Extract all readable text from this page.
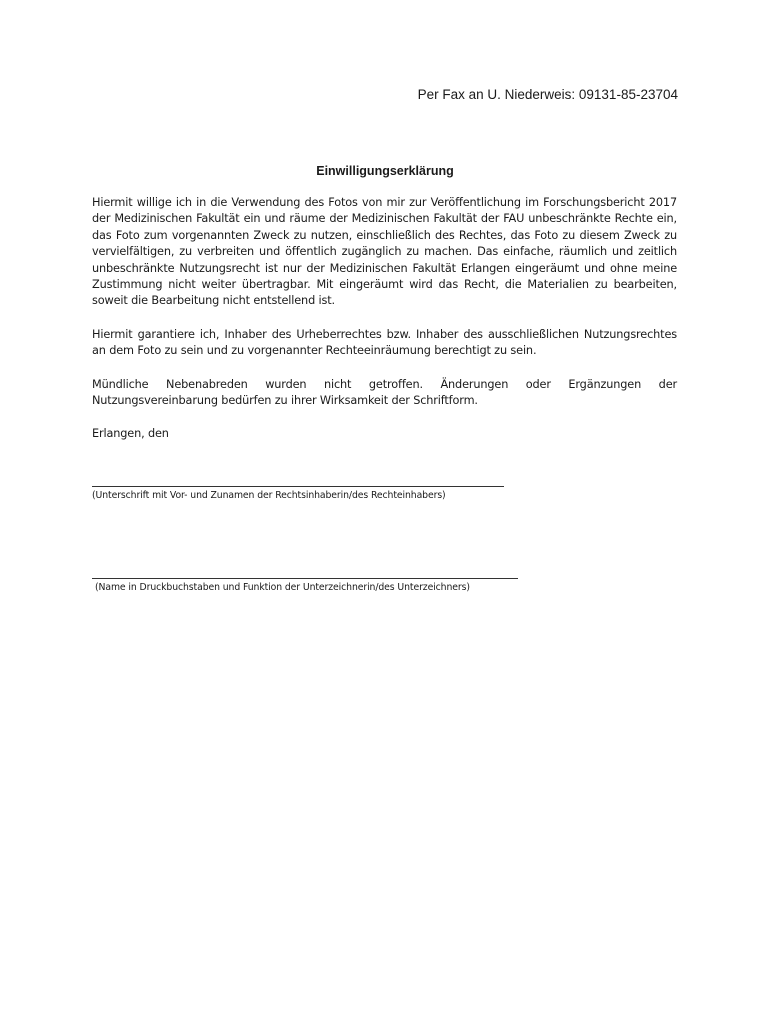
Per Fax an U. Niederweis: 09131-85-23704
Einwilligungserklärung
Hiermit willige ich in die Verwendung des Fotos von mir zur Veröffentlichung im Forschungsbericht 2017 der Medizinischen Fakultät ein und räume der Medizinischen Fakultät der FAU unbeschränkte Rechte ein, das Foto zum vorgenannten Zweck zu nutzen, einschließlich des Rechtes, das Foto zu diesem Zweck zu vervielfältigen, zu verbreiten und öffentlich zugänglich zu machen. Das einfache, räumlich und zeitlich unbeschränkte Nutzungsrecht ist nur der Medizinischen Fakultät Erlangen eingeräumt und ohne meine Zustimmung nicht weiter übertragbar. Mit eingeräumt wird das Recht, die Materialien zu bearbeiten, soweit die Bearbeitung nicht entstellend ist.
Hiermit garantiere ich, Inhaber des Urheberrechtes bzw. Inhaber des ausschließlichen Nutzungsrechtes an dem Foto zu sein und zu vorgenannter Rechteeinräumung berechtigt zu sein.
Mündliche Nebenabreden wurden nicht getroffen. Änderungen oder Ergänzungen der Nutzungsvereinbarung bedürfen zu ihrer Wirksamkeit der Schriftform.
Erlangen, den
(Unterschrift mit Vor- und Zunamen der Rechtsinhaberin/des Rechteinhabers)
(Name in Druckbuchstaben und Funktion der Unterzeichnerin/des Unterzeichners)
